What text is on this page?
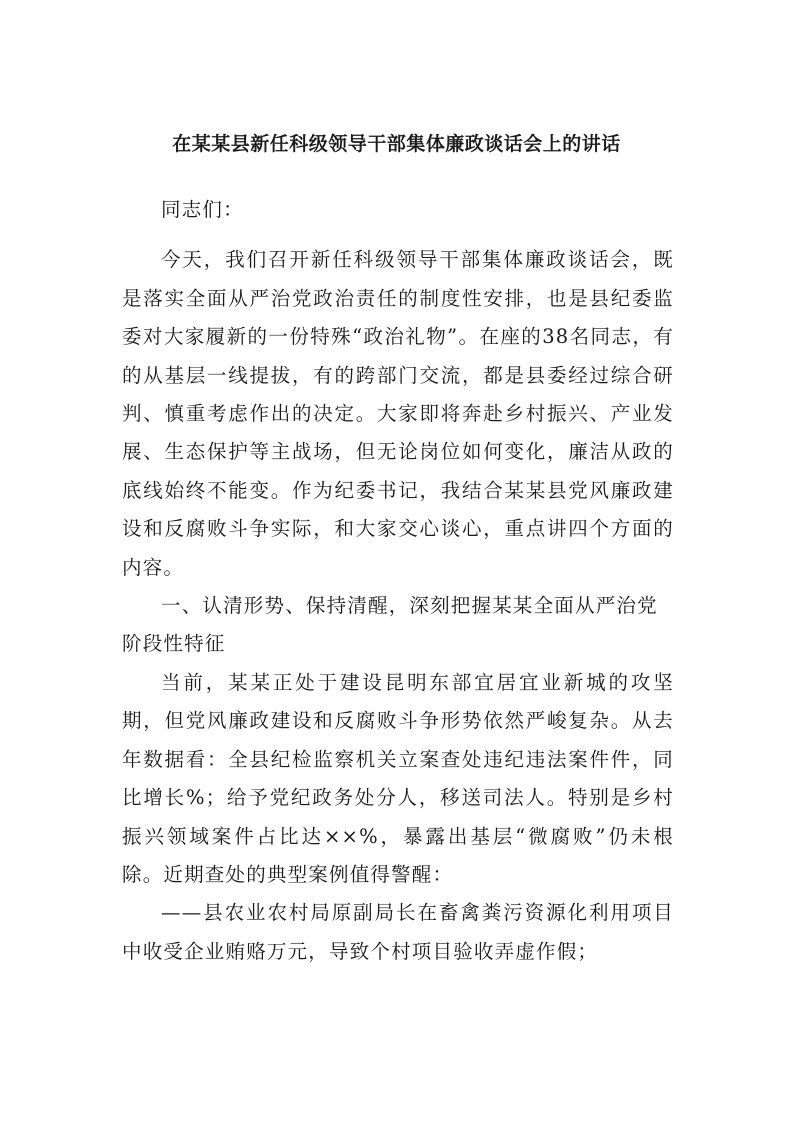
在某某县新任科级领导干部集体廉政谈话会上的讲话

同志们：

今天，我们召开新任科级领导干部集体廉政谈话会，既是落实全面从严治党政治责任的制度性安排，也是县纪委监委对大家履新的一份特殊“政治礼物”。在座的38名同志，有的从基层一线提拔，有的跨部门交流，都是县委经过综合研判、慎重考虑作出的决定。大家即将奔赴乡村振兴、产业发展、生态保护等主战场，但无论岗位如何变化，廉洁从政的底线始终不能变。作为纪委书记，我结合某某县党风廉政建设和反腐败斗争实际，和大家交心谈心，重点讲四个方面的内容。

一、认清形势、保持清醒，深刻把握某某全面从严治党阶段性特征

当前，某某正处于建设昆明东部宜居宜业新城的攻坚期，但党风廉政建设和反腐败斗争形势依然严峻复杂。从去年数据看：全县纪检监察机关立案查处违纪违法案件件，同比增长%；给予党纪政务处分人，移送司法人。特别是乡村振兴领域案件占比达××%，暴露出基层“微腐败”仍未根除。近期查处的典型案例值得警醒：

——县农业农村局原副局长在畜禽粪污资源化利用项目中收受企业贿赂万元，导致个村项目验收弄虚作假；
